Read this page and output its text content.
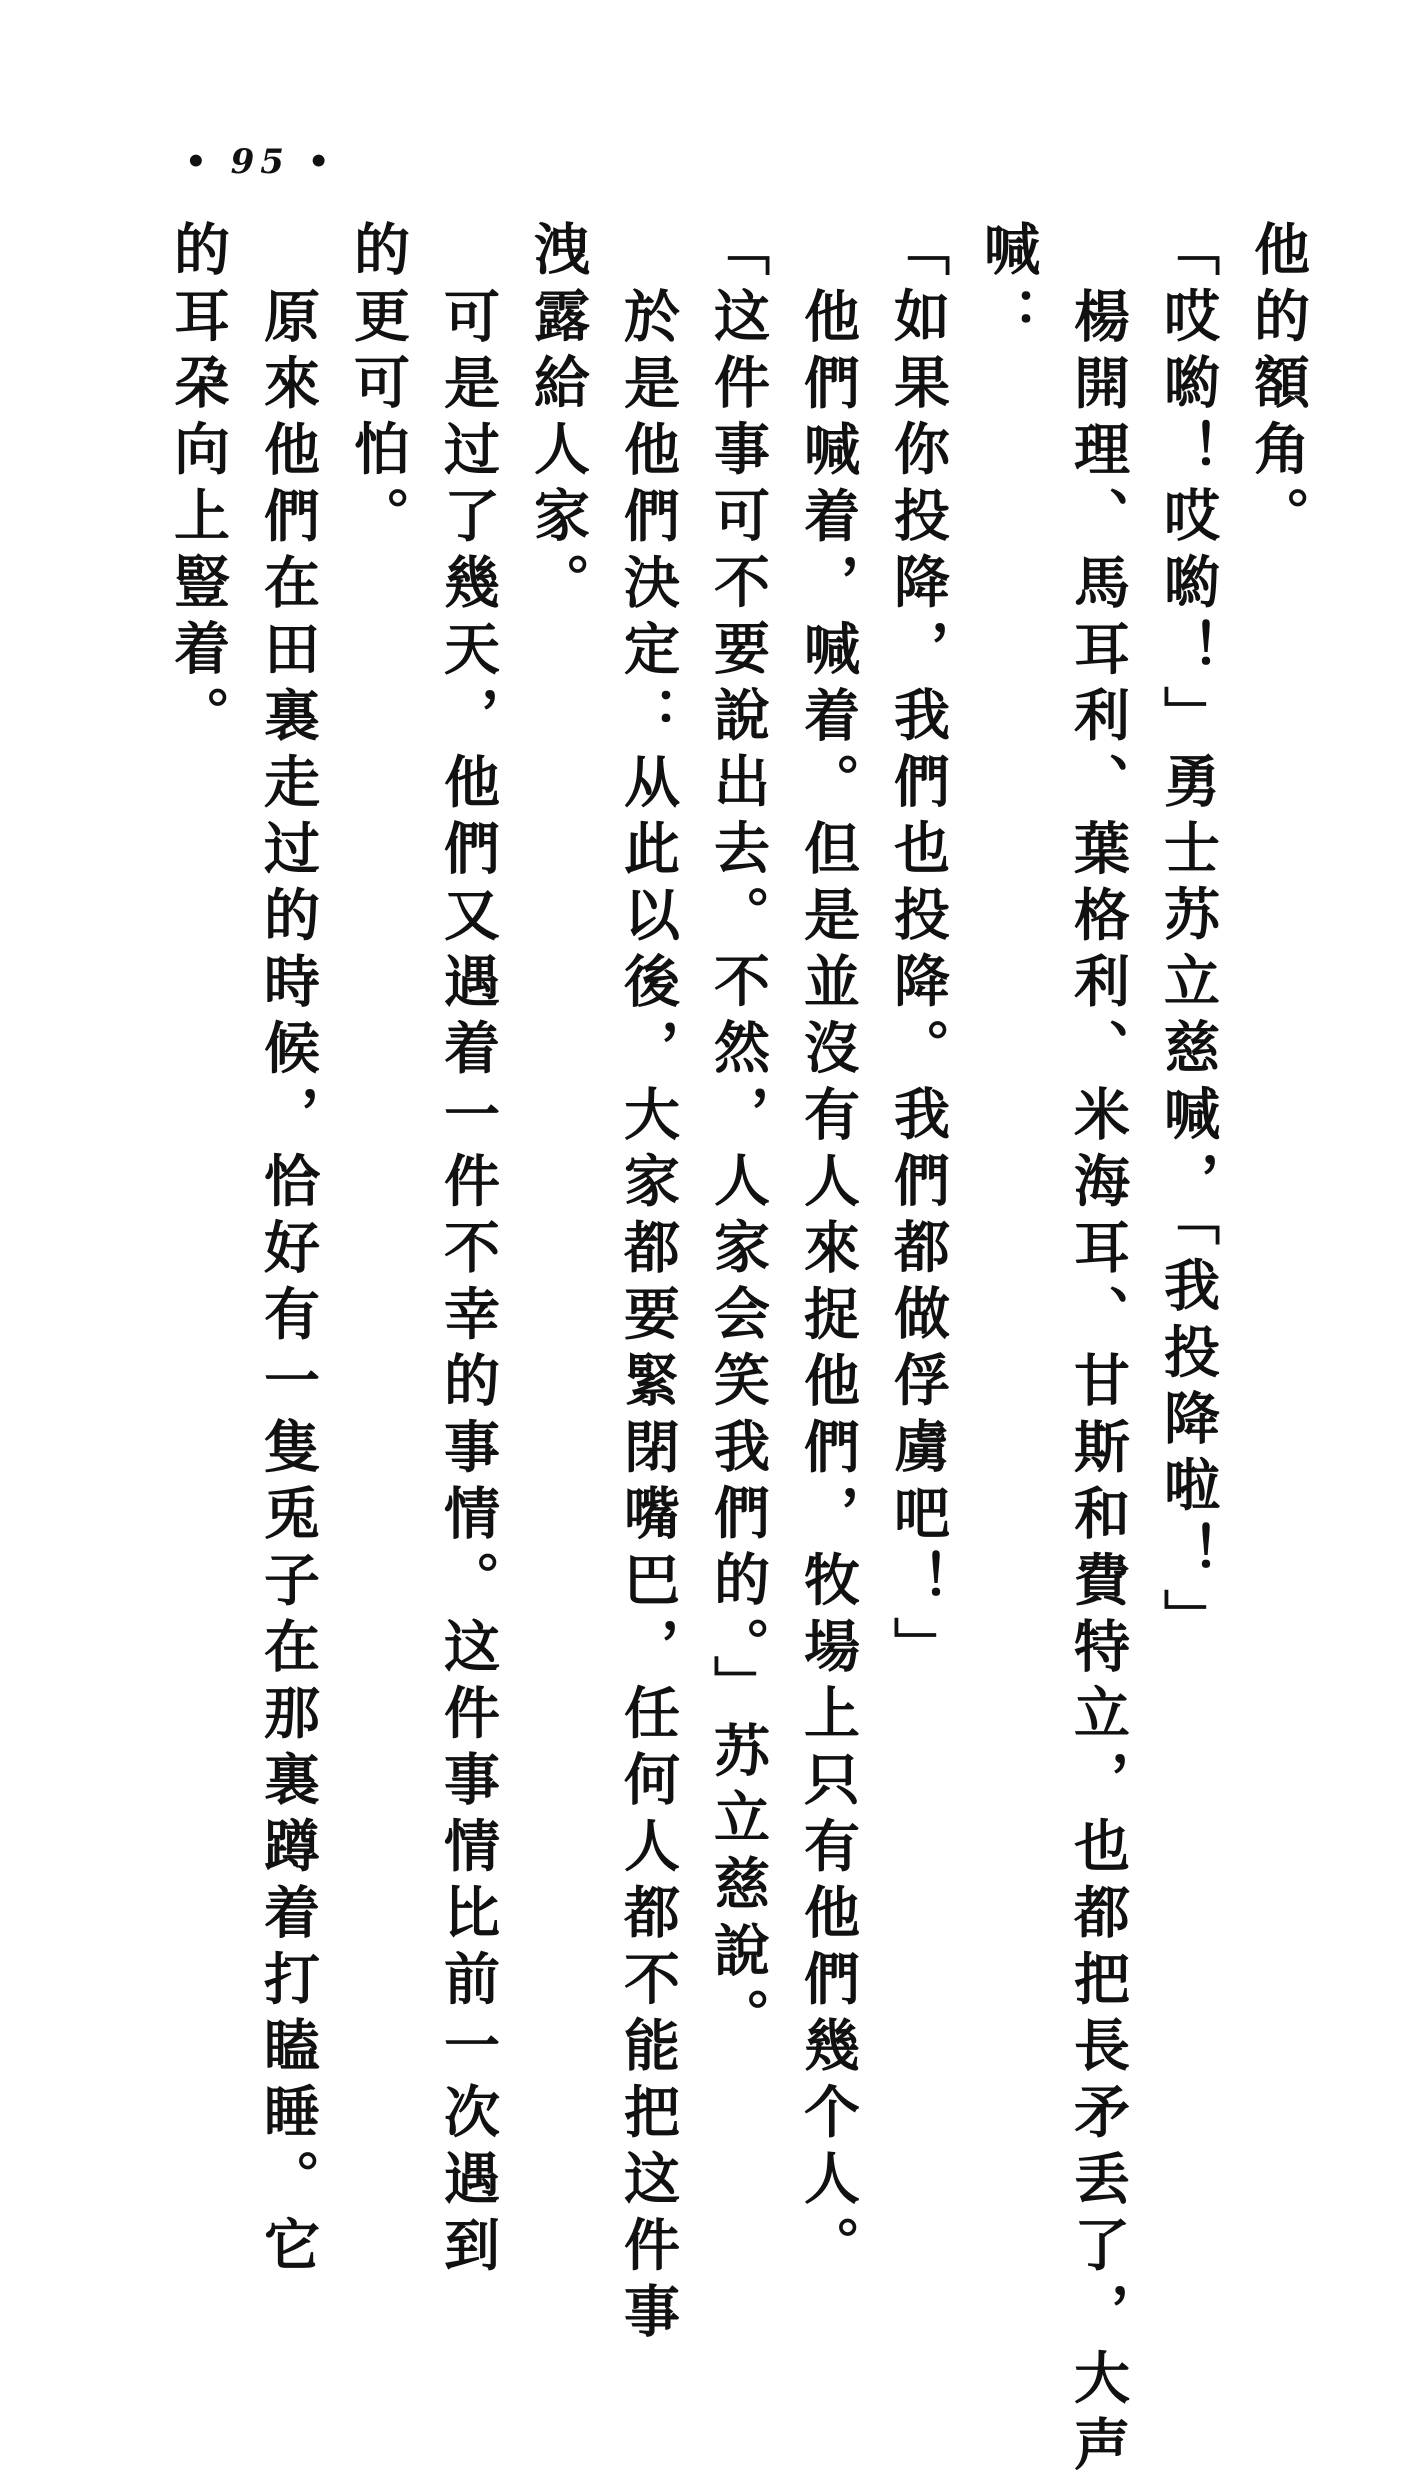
• 95 •
他的額角。
「哎喲！哎喲！」勇士苏立慈喊，「我投降啦！」
楊開理、馬耳利、葉格利、米海耳、甘斯和費特立，也都把長矛丢了，大声
喊：
「如果你投降，我們也投降。我們都做俘虜吧！」
他們喊着，喊着。但是並沒有人來捉他們，牧場上只有他們幾个人。
「这件事可不要說出去。不然，人家会笑我們的。」苏立慈說。
於是他們決定：从此以後，大家都要緊閉嘴巴，任何人都不能把这件事
洩露給人家。
可是过了幾天，他們又遇着一件不幸的事情。这件事情比前一次遇到
的更可怕。
原來他們在田裏走过的時候，恰好有一隻兎子在那裏蹲着打瞌睡。它
的耳朶向上豎着。
